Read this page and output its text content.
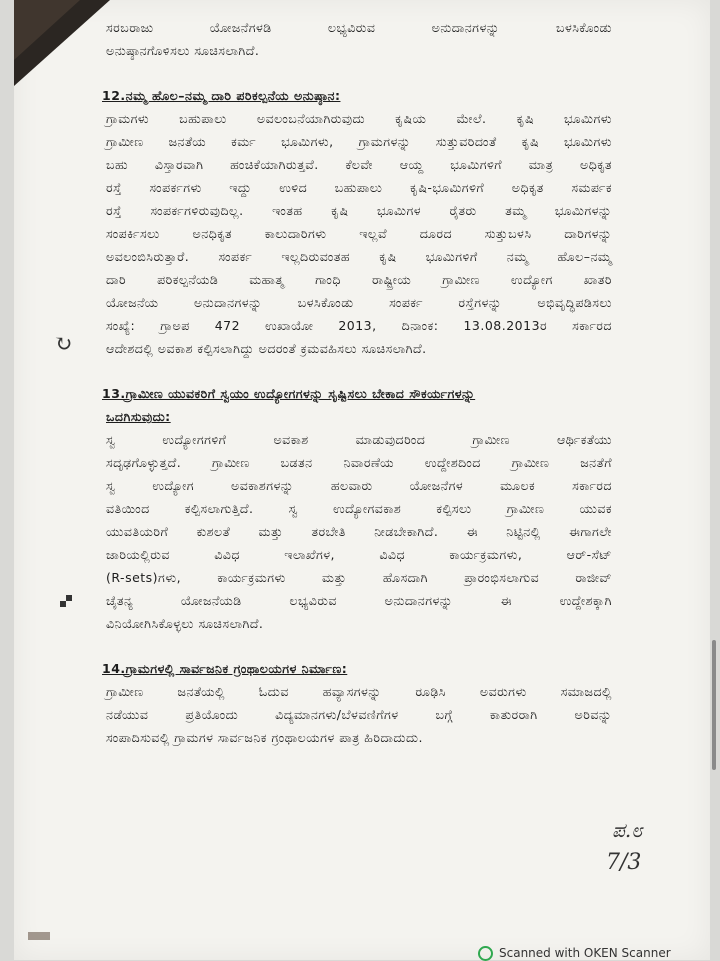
ಸರಬರಾಜು ಯೋಜನೆಗಳಡಿ ಲಭ್ಯವಿರುವ ಅನುದಾನಗಳನ್ನು ಬಳಸಿಕೊಂಡು
ಅನುಷ್ಠಾನಗೊಳಿಸಲು ಸೂಚಿಸಲಾಗಿದೆ.
12.ನಮ್ಮ ಹೊಲ–ನಮ್ಮ ದಾರಿ ಪರಿಕಲ್ಪನೆಯ ಅನುಷ್ಠಾನ:
ಗ್ರಾಮಗಳು ಬಹುಪಾಲು ಅವಲಂಬನೆಯಾಗಿರುವುದು ಕೃಷಿಯ ಮೇಲೆ. ಕೃಷಿ ಭೂಮಿಗಳು
ಗ್ರಾಮೀಣ ಜನತೆಯ ಕರ್ಮ ಭೂಮಿಗಳು, ಗ್ರಾಮಗಳನ್ನು ಸುತ್ತುವರಿದಂತೆ ಕೃಷಿ ಭೂಮಿಗಳು
ಬಹು ವಿಸ್ತಾರವಾಗಿ ಹಂಚಿಕೆಯಾಗಿರುತ್ತವೆ. ಕೆಲವೇ ಆಯ್ದ ಭೂಮಿಗಳಿಗೆ ಮಾತ್ರ ಅಧಿಕೃತ
ರಸ್ತೆ ಸಂಪರ್ಕಗಳು ಇದ್ದು ಉಳಿದ ಬಹುಪಾಲು ಕೃಷಿ-ಭೂಮಿಗಳಿಗೆ ಅಧಿಕೃತ ಸಮರ್ಪಕ
ರಸ್ತೆ ಸಂಪರ್ಕಗಳಿರುವುದಿಲ್ಲ. ಇಂತಹ ಕೃಷಿ ಭೂಮಿಗಳ ರೈತರು ತಮ್ಮ ಭೂಮಿಗಳನ್ನು
ಸಂಪರ್ಕಿಸಲು ಅನಧಿಕೃತ ಕಾಲುದಾರಿಗಳು ಇಲ್ಲವೆ ದೂರದ ಸುತ್ತುಬಳಸಿ ದಾರಿಗಳನ್ನು
ಅವಲಂಬಿಸಿರುತ್ತಾರೆ. ಸಂಪರ್ಕ ಇಲ್ಲದಿರುವಂತಹ ಕೃಷಿ ಭೂಮಿಗಳಿಗೆ ನಮ್ಮ ಹೊಲ–ನಮ್ಮ
ದಾರಿ ಪರಿಕಲ್ಪನೆಯಡಿ ಮಹಾತ್ಮ ಗಾಂಧಿ ರಾಷ್ಟ್ರೀಯ ಗ್ರಾಮೀಣ ಉದ್ಯೋಗ ಖಾತರಿ
ಯೋಜನೆಯ ಅನುದಾನಗಳನ್ನು ಬಳಸಿಕೊಂಡು ಸಂಪರ್ಕ ರಸ್ತೆಗಳನ್ನು ಅಭಿವೃದ್ಧಿಪಡಿಸಲು
ಸಂಖ್ಯೆ: ಗ್ರಾಅಪ 472 ಉಖಾಯೋ 2013, ದಿನಾಂಕ: 13.08.2013ರ ಸರ್ಕಾರದ
ಆದೇಶದಲ್ಲಿ ಅವಕಾಶ ಕಲ್ಪಿಸಲಾಗಿದ್ದು ಅದರಂತೆ ಕ್ರಮವಹಿಸಲು ಸೂಚಿಸಲಾಗಿದೆ.
13.ಗ್ರಾಮೀಣ ಯುವಕರಿಗೆ ಸ್ವಯಂ ಉದ್ಯೋಗಗಳನ್ನು ಸೃಷ್ಟಿಸಲು ಬೇಕಾದ ಸೌಕರ್ಯಗಳನ್ನು
ಒದಗಿಸುವುದು:
ಸ್ವ ಉದ್ಯೋಗಗಳಿಗೆ ಅವಕಾಶ ಮಾಡುವುದರಿಂದ ಗ್ರಾಮೀಣ ಆರ್ಥಿಕತೆಯು
ಸದೃಢಗೊಳ್ಳುತ್ತದೆ. ಗ್ರಾಮೀಣ ಬಡತನ ನಿವಾರಣೆಯ ಉದ್ದೇಶದಿಂದ ಗ್ರಾಮೀಣ ಜನತೆಗೆ
ಸ್ವ ಉದ್ಯೋಗ ಅವಕಾಶಗಳನ್ನು ಹಲವಾರು ಯೋಜನೆಗಳ ಮೂಲಕ ಸರ್ಕಾರದ
ವತಿಯಿಂದ ಕಲ್ಪಿಸಲಾಗುತ್ತಿದೆ. ಸ್ವ ಉದ್ಯೋಗವಕಾಶ ಕಲ್ಪಿಸಲು ಗ್ರಾಮೀಣ ಯುವಕ
ಯುವತಿಯರಿಗೆ ಕುಶಲತೆ ಮತ್ತು ತರಬೇತಿ ನೀಡಬೇಕಾಗಿದೆ. ಈ ನಿಟ್ಟಿನಲ್ಲಿ ಈಗಾಗಲೇ
ಜಾರಿಯಲ್ಲಿರುವ ವಿವಿಧ ಇಲಾಖೆಗಳ, ವಿವಿಧ ಕಾರ್ಯಕ್ರಮಗಳು, ಆರ್-ಸೆಟ್
(R-sets)ಗಳು, ಕಾರ್ಯಕ್ರಮಗಳು ಮತ್ತು ಹೊಸದಾಗಿ ಪ್ರಾರಂಭಿಸಲಾಗುವ ರಾಜೀವ್
ಚೈತನ್ಯ ಯೋಜನೆಯಡಿ ಲಭ್ಯವಿರುವ ಅನುದಾನಗಳನ್ನು ಈ ಉದ್ದೇಶಕ್ಕಾಗಿ
ವಿನಿಯೋಗಿಸಿಕೊಳ್ಳಲು ಸೂಚಿಸಲಾಗಿದೆ.
14.ಗ್ರಾಮಗಳಲ್ಲಿ ಸಾರ್ವಜನಿಕ ಗ್ರಂಥಾಲಯಗಳ ನಿರ್ಮಾಣ:
ಗ್ರಾಮೀಣ ಜನತೆಯಲ್ಲಿ ಓದುವ ಹವ್ಯಾಸಗಳನ್ನು ರೂಢಿಸಿ ಅವರುಗಳು ಸಮಾಜದಲ್ಲಿ
ನಡೆಯುವ ಪ್ರತಿಯೊಂದು ವಿದ್ಯಮಾನಗಳು/ಬೆಳವಣಿಗೆಗಳ ಬಗ್ಗೆ ಕಾತುರರಾಗಿ ಅರಿವನ್ನು
ಸಂಪಾದಿಸುವಲ್ಲಿ ಗ್ರಾಮಗಳ ಸಾರ್ವಜನಿಕ ಗ್ರಂಥಾಲಯಗಳ ಪಾತ್ರ ಹಿರಿದಾದುದು.
↻
🙾
ಪ.೮
7/3
Scanned with OKEN Scanner
